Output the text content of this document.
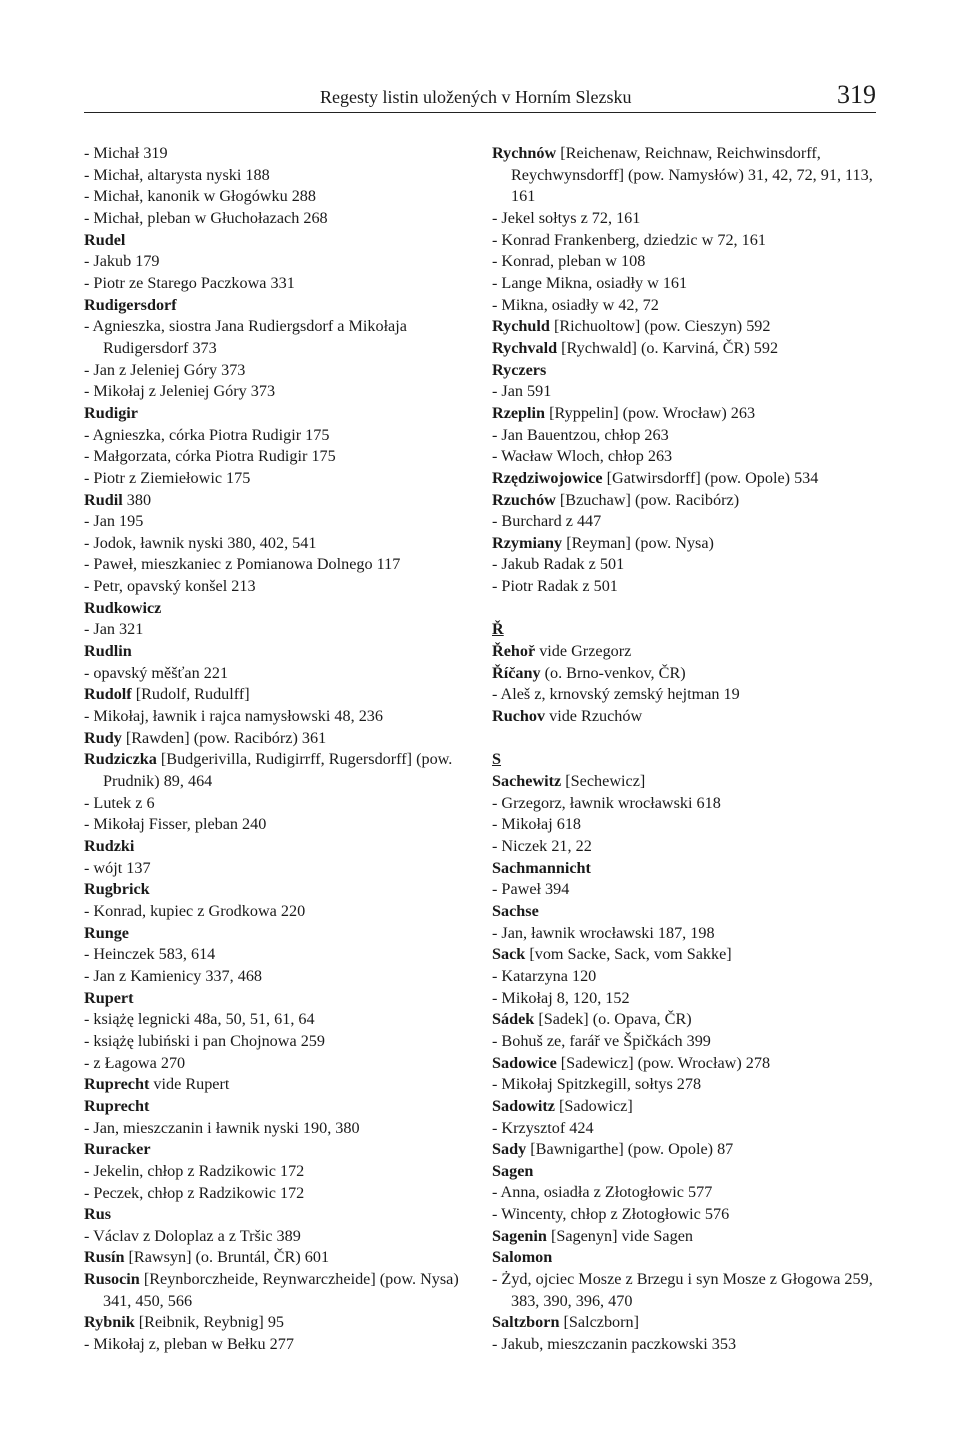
Regesty listin uložených v Horním Slezsku	319
- Michał 319
- Michał, altarysta nyski 188
- Michał, kanonik w Głogówku 288
- Michał, pleban w Głuchołazach 268
Rudel
- Jakub 179
- Piotr ze Starego Paczkowa 331
Rudigersdorf
- Agnieszka, siostra Jana Rudiergsdorf a Mikołaja Rudigersdorf 373
- Jan z Jeleniej Góry 373
- Mikołaj z Jeleniej Góry 373
Rudigir
- Agnieszka, córka Piotra Rudigir 175
- Małgorzata, córka Piotra Rudigir 175
- Piotr z Ziemiełowic 175
Rudil 380
- Jan 195
- Jodok, ławnik nyski 380, 402, 541
- Paweł, mieszkaniec z Pomianowa Dolnego 117
- Petr, opavský konšel 213
Rudkowicz
- Jan 321
Rudlin
- opavský měšťan 221
Rudolf [Rudolf, Rudulff]
- Mikołaj, ławnik i rajca namysłowski 48, 236
Rudy [Rawden] (pow. Racibórz) 361
Rudziczka [Budgerivilla, Rudigirrff, Rugersdorff] (pow. Prudnik) 89, 464
- Lutek z 6
- Mikołaj Fisser, pleban 240
Rudzki
- wójt 137
Rugbrick
- Konrad, kupiec z Grodkowa 220
Runge
- Heinczek 583, 614
- Jan z Kamienicy 337, 468
Rupert
- książę legnicki 48a, 50, 51, 61, 64
- książę lubiński i pan Chojnowa 259
- z Łagowa 270
Ruprecht vide Rupert
Ruprecht
- Jan, mieszczanin i ławnik nyski 190, 380
Ruracker
- Jekelin, chłop z Radzikowic 172
- Peczek, chłop z Radzikowic 172
Rus
- Václav z Doloplaz a z Tršic 389
Rusín [Rawsyn] (o. Bruntál, ČR) 601
Rusocin [Reynborczheide, Reynwarczheide] (pow. Nysa) 341, 450, 566
Rybnik [Reibnik, Reybnig] 95
- Mikołaj z, pleban w Bełku 277
Rychnów [Reichenaw, Reichnaw, Reichwinsdorff, Reychwynsdorff] (pow. Namysłów) 31, 42, 72, 91, 113, 161
- Jekel sołtys z 72, 161
- Konrad Frankenberg, dziedzic w 72, 161
- Konrad, pleban w 108
- Lange Mikna, osiadły w 161
- Mikna, osiadły w 42, 72
Rychuld [Richuoltow] (pow. Cieszyn) 592
Rychvald [Rychwald] (o. Karviná, ČR) 592
Ryczers
- Jan 591
Rzeplin [Ryppelin] (pow. Wrocław) 263
- Jan Bauentzou, chłop 263
- Wacław Wloch, chłop 263
Rzędziwojowice [Gatwirsdorff] (pow. Opole) 534
Rzuchów [Bzuchaw] (pow. Racibórz)
- Burchard z 447
Rzymiany [Reyman] (pow. Nysa)
- Jakub Radak z 501
- Piotr Radak z 501
Ř
Řehoř vide Grzegorz
Říčany (o. Brno-venkov, ČR)
- Aleš z, krnovský zemský hejtman 19
Ruchov vide Rzuchów
S
Sachewitz [Sechewicz]
- Grzegorz, ławnik wrocławski 618
- Mikołaj 618
- Niczek 21, 22
Sachmannicht
- Paweł 394
Sachse
- Jan, ławnik wrocławski 187, 198
Sack [vom Sacke, Sack, vom Sakke]
- Katarzyna 120
- Mikołaj 8, 120, 152
Sádek [Sadek] (o. Opava, ČR)
- Bohuš ze, farář ve Špičkách 399
Sadowice [Sadewicz] (pow. Wrocław) 278
- Mikołaj Spitzkegill, sołtys 278
Sadowitz [Sadowicz]
- Krzysztof 424
Sady [Bawnigarthe] (pow. Opole) 87
Sagen
- Anna, osiadła z Złotogłowic 577
- Wincenty, chłop z Złotogłowic 576
Sagenin [Sagenyn] vide Sagen
Salomon
- Żyd, ojciec Mosze z Brzegu i syn Mosze z Głogowa 259, 383, 390, 396, 470
Saltzborn [Salczborn]
- Jakub, mieszczanin paczkowski 353
